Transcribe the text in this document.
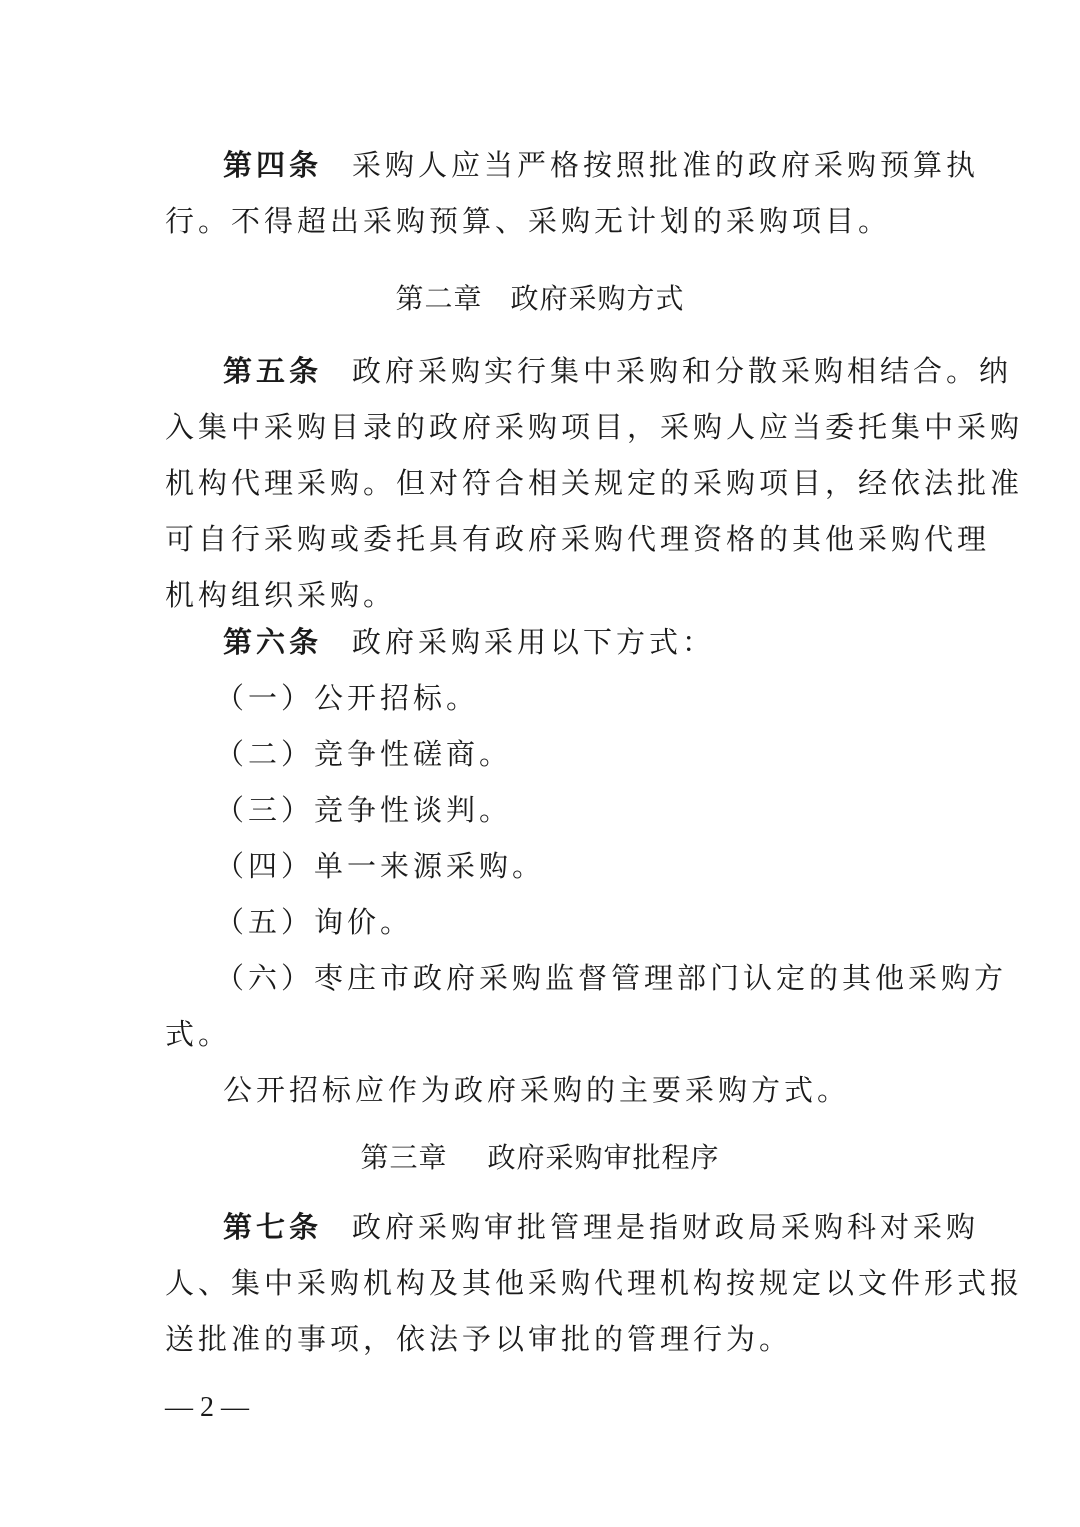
第四条 采购人应当严格按照批准的政府采购预算执
行。不得超出采购预算、采购无计划的采购项目。
第二章 政府采购方式
第五条 政府采购实行集中采购和分散采购相结合。纳
入集中采购目录的政府采购项目，采购人应当委托集中采购
机构代理采购。但对符合相关规定的采购项目，经依法批准
可自行采购或委托具有政府采购代理资格的其他采购代理
机构组织采购。
第六条 政府采购采用以下方式：
（一）公开招标。
（二）竞争性磋商。
（三）竞争性谈判。
（四）单一来源采购。
（五）询价。
（六）枣庄市政府采购监督管理部门认定的其他采购方
式。
公开招标应作为政府采购的主要采购方式。
第三章 政府采购审批程序
第七条 政府采购审批管理是指财政局采购科对采购
人、集中采购机构及其他采购代理机构按规定以文件形式报
送批准的事项，依法予以审批的管理行为。
— 2 —
